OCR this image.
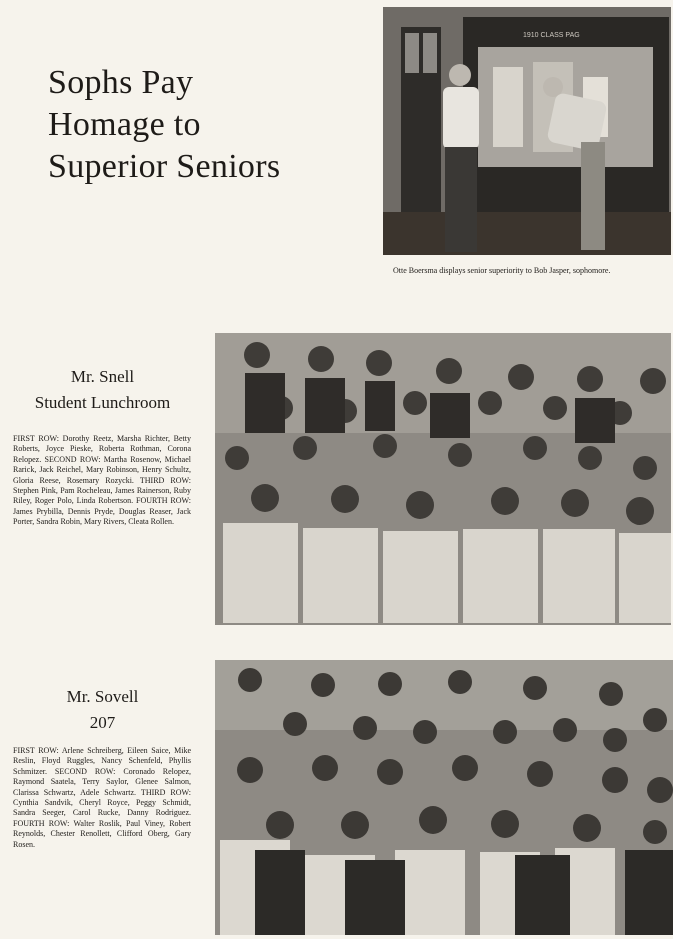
Sophs Pay
Homage to
Superior Seniors
1910 CLASS PAG

Otte Boersma displays senior superiority to Bob Jasper, sophomore.

Mr. Snell
Student Lunchroom

FIRST ROW: Dorothy Reetz, Marsha Richter, Betty Roberts, Joyce Pieske, Roberta Rothman, Corona Relopez. SECOND ROW: Martha Rosenow, Michael Rarick, Jack Reichel, Mary Robinson, Henry Schultz, Gloria Reese, Rosemary Rozycki. THIRD ROW: Stephen Pink, Pam Rocheleau, James Rainerson, Ruby Riley, Roger Polo, Linda Robertson. FOURTH ROW: James Prybilla, Dennis Pryde, Douglas Reaser, Jack Porter, Sandra Robin, Mary Rivers, Cleata Rollen.

Mr. Sovell
207

FIRST ROW: Arlene Schreiberg, Eileen Saice, Mike Reslin, Floyd Ruggles, Nancy Schenfeld, Phyllis Schmitzer. SECOND ROW: Coronado Relopez, Raymond Saatela, Terry Saylor, Glenee Salmon, Clarissa Schwartz, Adele Schwartz. THIRD ROW: Cynthia Sandvik, Cheryl Royce, Peggy Schmidt, Sandra Seeger, Carol Rucke, Danny Rodriguez. FOURTH ROW: Walter Roslik, Paul Viney, Robert Reynolds, Chester Renollett, Clifford Oberg, Gary Rosen.
